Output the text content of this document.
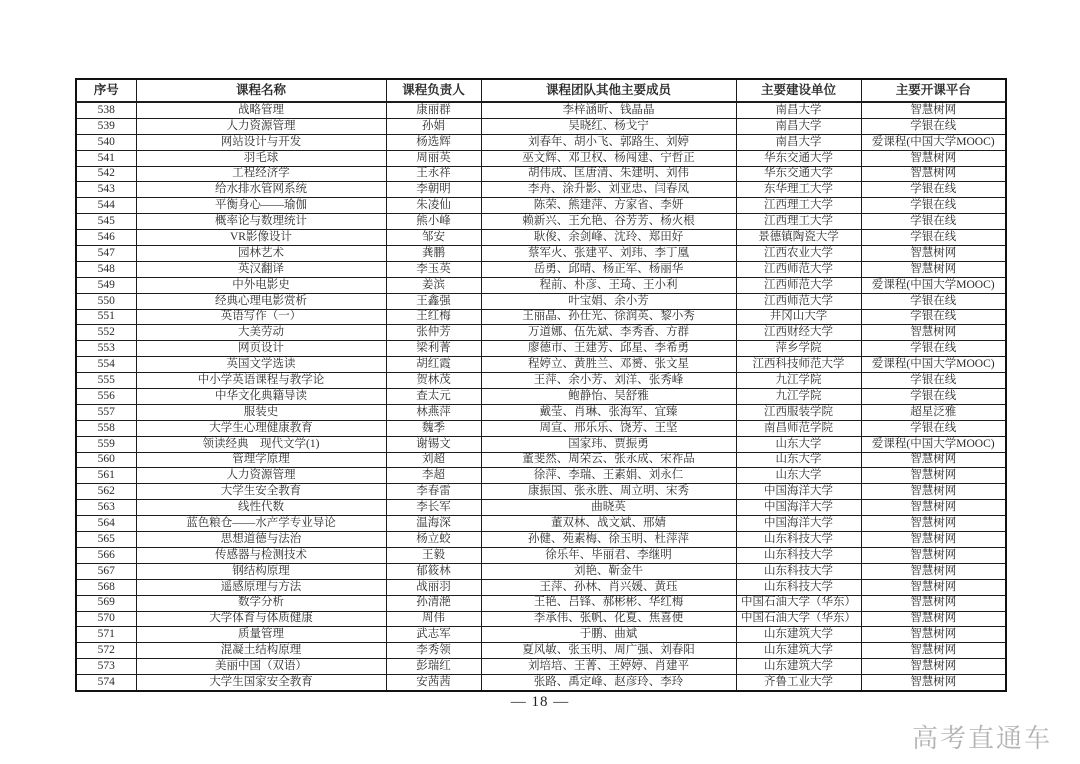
序号	课程名称	课程负责人	课程团队其他主要成员	主要建设单位	主要开课平台
538	战略管理	康丽群	李梓涵昕、钱晶晶	南昌大学	智慧树网
539	人力资源管理	孙娟	吴晓红、杨戈宁	南昌大学	学银在线
540	网站设计与开发	杨选辉	刘春年、胡小飞、郭路生、刘婷	南昌大学	爱课程(中国大学MOOC)
541	羽毛球	周丽英	巫文辉、邓卫权、杨闯建、宁哲正	华东交通大学	智慧树网
542	工程经济学	王永祥	胡伟成、匡唐清、朱建明、刘伟	华东交通大学	智慧树网
543	给水排水管网系统	李朝明	李舟、涂升影、刘亚忠、闫春凤	东华理工大学	学银在线
544	平衡身心——瑜伽	朱凌仙	陈荣、熊建萍、方家省、李妍	江西理工大学	学银在线
545	概率论与数理统计	熊小峰	赖新兴、王允艳、谷芳芳、杨火根	江西理工大学	学银在线
546	VR影像设计	邹安	耿俊、余剑峰、沈玲、郑田好	景德镇陶瓷大学	学银在线
547	园林艺术	龚鹏	蔡军火、张建平、刘玮、李丁凰	江西农业大学	智慧树网
548	英汉翻译	李玉英	岳勇、邱晴、杨正军、杨丽华	江西师范大学	智慧树网
549	中外电影史	姜滨	程前、朴彦、王琦、王小利	江西师范大学	爱课程(中国大学MOOC)
550	经典心理电影赏析	王鑫强	叶宝娟、余小芳	江西师范大学	学银在线
551	英语写作（一）	王红梅	王丽晶、孙仕光、徐润英、黎小秀	井冈山大学	学银在线
552	大美劳动	张仲芳	万道娜、伍先斌、李秀香、方群	江西财经大学	智慧树网
553	网页设计	梁利菁	廖德市、王建芳、邱星、李希勇	萍乡学院	学银在线
554	英国文学选读	胡红霞	程婷立、黄胜兰、邓赟、张文星	江西科技师范大学	爱课程(中国大学MOOC)
555	中小学英语课程与教学论	贺林茂	王萍、余小芳、刘洋、张秀峰	九江学院	学银在线
556	中华文化典籍导读	查太元	鲍静怡、吴舒雅	九江学院	学银在线
557	服装史	林燕萍	戴莹、肖琳、张海军、宜臻	江西服装学院	超星泛雅
558	大学生心理健康教育	魏季	周宣、邢乐乐、饶芳、王坚	南昌师范学院	学银在线
559	领读经典　现代文学(1)	谢锡文	国家玮、贾振勇	山东大学	爱课程(中国大学MOOC)
560	管理学原理	刘超	董斐然、周荣云、张永成、宋祚品	山东大学	智慧树网
561	人力资源管理	李超	徐萍、李瑞、王素娟、刘永仁	山东大学	智慧树网
562	大学生安全教育	李春雷	康振国、张永胜、周立明、宋秀	中国海洋大学	智慧树网
563	线性代数	李长军	曲晓英	中国海洋大学	智慧树网
564	蓝色粮仓——水产学专业导论	温海深	董双林、战文斌、邢婧	中国海洋大学	智慧树网
565	思想道德与法治	杨立蛟	孙健、苑素梅、徐玉明、杜萍萍	山东科技大学	智慧树网
566	传感器与检测技术	王毅	徐乐年、毕丽君、李继明	山东科技大学	智慧树网
567	钢结构原理	郁筱林	刘艳、靳金牛	山东科技大学	智慧树网
568	遥感原理与方法	战丽羽	王萍、孙林、肖兴媛、黄珏	山东科技大学	智慧树网
569	数学分析	孙清滟	王艳、吕锋、郝彬彬、华红梅	中国石油大学（华东）	智慧树网
570	大学体育与体质健康	周伟	李承伟、张帆、化夏、焦喜便	中国石油大学（华东）	智慧树网
571	质量管理	武志军	于鹏、曲斌	山东建筑大学	智慧树网
572	混凝土结构原理	李秀领	夏风敏、张玉明、周广强、刘春阳	山东建筑大学	智慧树网
573	美丽中国（双语）	彭瑞红	刘培培、王菁、王婷婷、肖建平	山东建筑大学	智慧树网
574	大学生国家安全教育	安茜茜	张路、禹定峰、赵彦玲、李玲	齐鲁工业大学	智慧树网
— 18 —
高考直通车
